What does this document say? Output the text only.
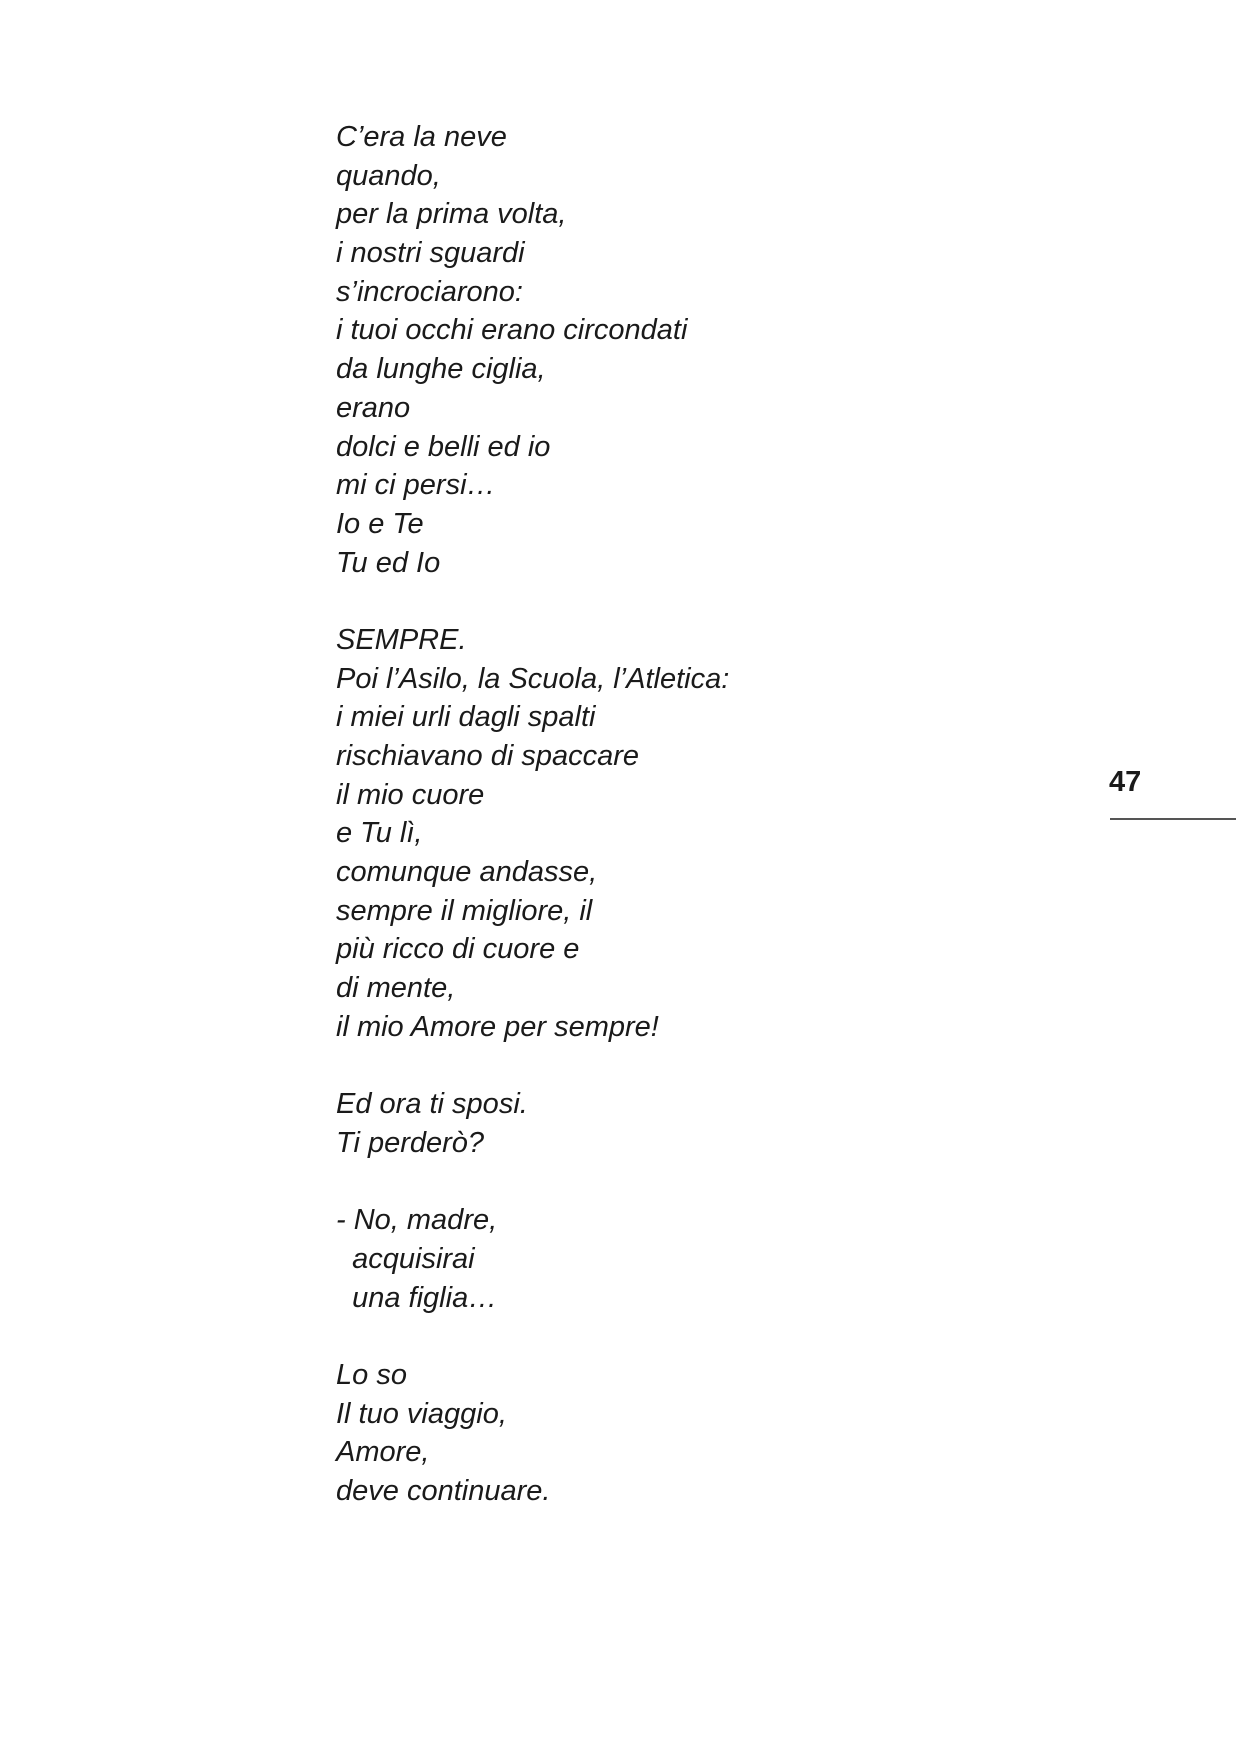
C’era la neve
quando,
per la prima volta,
i nostri sguardi
s’incrociarono:
i tuoi occhi erano circondati
da lunghe ciglia,
erano
dolci e belli ed io
mi ci persi…
Io e Te
Tu ed Io
SEMPRE.
Poi l’Asilo, la Scuola, l’Atletica:
i miei urli dagli spalti
rischiavano di spaccare
il mio cuore
e Tu lì,
comunque andasse,
sempre il migliore, il
più ricco di cuore e
di mente,
il mio Amore per sempre!
Ed ora ti sposi.
Ti perderò?
- No, madre,
acquisirai
una figlia…
Lo so
Il tuo viaggio,
Amore,
deve continuare.
47
